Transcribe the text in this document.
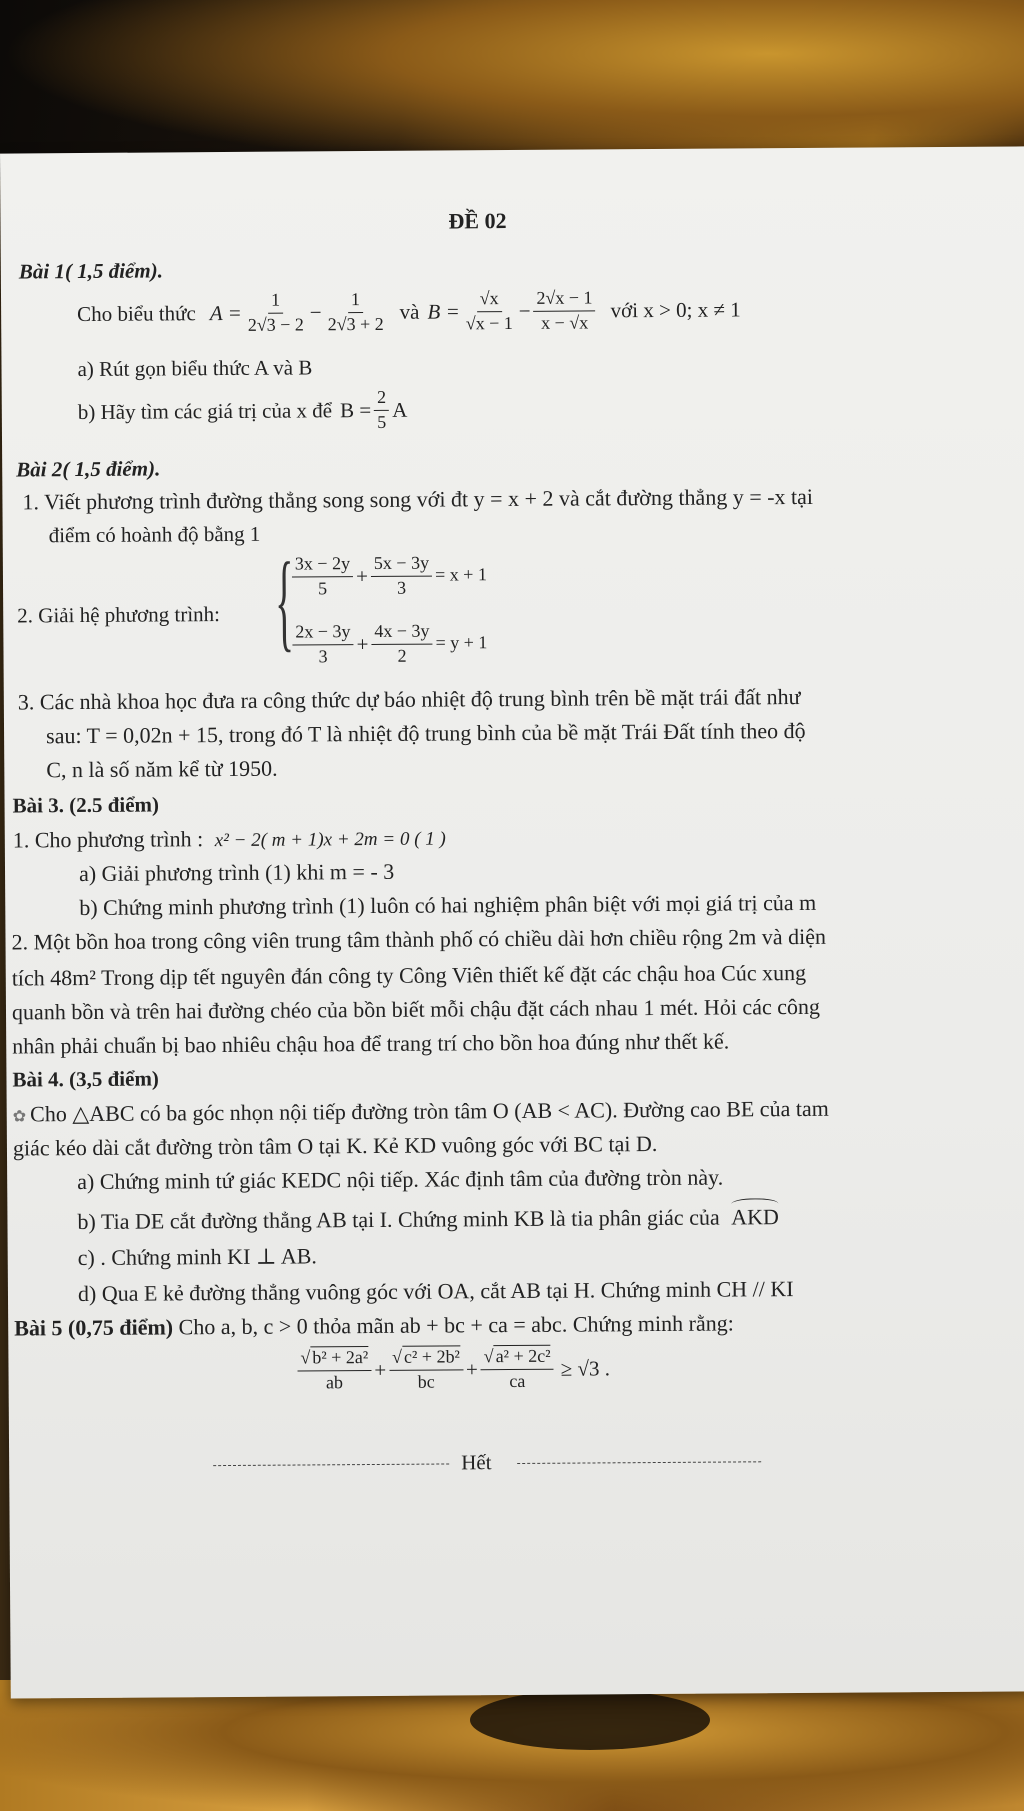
ĐỀ 02
Bài 1( 1,5 điểm).
Cho biểu thức $A = \frac{1}{2√3 - 2} - \frac{1}{2√3 + 2}$ và $B = \frac{√x}{√x - 1} - \frac{2√x - 1}{x - √x}$ với x > 0; x ≠ 1
a) Rút gọn biểu thức A và B
b) Hãy tìm các giá trị của x để $B = \frac{2}{5}$ A
Bài 2( 1,5 điểm).
1. Viết phương trình đường thẳng song song với đt y = x + 2 và cắt đường thẳng y = -x tại
điểm có hoành độ bằng 1
2. Giải hệ phương trình: { 3x − 2y
5
+ $\frac{5x - 3y}{3} = x + 1$
2x − 3y
3
+ $\frac{4x - 3y}{2} = y + 1$
3. Các nhà khoa học đưa ra công thức dự báo nhiệt độ trung bình trên bề mặt trái đất như
sau: T = 0,02n + 15, trong đó T là nhiệt độ trung bình của bề mặt Trái Đất tính theo độ
C, n là số năm kể từ 1950.
Bài 3. (2.5 điểm)
1. Cho phương trình : x² − 2( m + 1)x + 2m = 0 ( 1 )
a) Giải phương trình (1) khi m = - 3
b) Chứng minh phương trình (1) luôn có hai nghiệm phân biệt với mọi giá trị của m
2. Một bồn hoa trong công viên trung tâm thành phố có chiều dài hơn chiều rộng 2m và diện
tích 48m² Trong dịp tết nguyên đán công ty Công Viên thiết kế đặt các chậu hoa Cúc xung
quanh bồn và trên hai đường chéo của bồn biết mỗi chậu đặt cách nhau 1 mét. Hỏi các công
nhân phải chuẩn bị bao nhiêu chậu hoa để trang trí cho bồn hoa đúng như thết kế.
Bài 4. (3,5 điểm)
✿ Cho △ABC có ba góc nhọn nội tiếp đường tròn tâm O (AB < AC). Đường cao BE của tam
giác kéo dài cắt đường tròn tâm O tại K. Kẻ KD vuông góc với BC tại D.
a) Chứng minh tứ giác KEDC nội tiếp. Xác định tâm của đường tròn này.
b) Tia DE cắt đường thẳng AB tại I. Chứng minh KB là tia phân giác của AKD
c) . Chứng minh KI ⊥ AB.
d) Qua E kẻ đường thẳng vuông góc với OA, cắt AB tại H. Chứng minh CH // KI
Bài 5 (0,75 điểm) Cho a, b, c > 0 thỏa mãn ab + bc + ca = abc. Chứng minh rằng:
√ b² + 2a²
ab
+ $\frac{\text{√ c² + 2b²}}{bc} + \frac{\text{√ a² + 2c²}}{ca} \ge √3$ .
Hết
